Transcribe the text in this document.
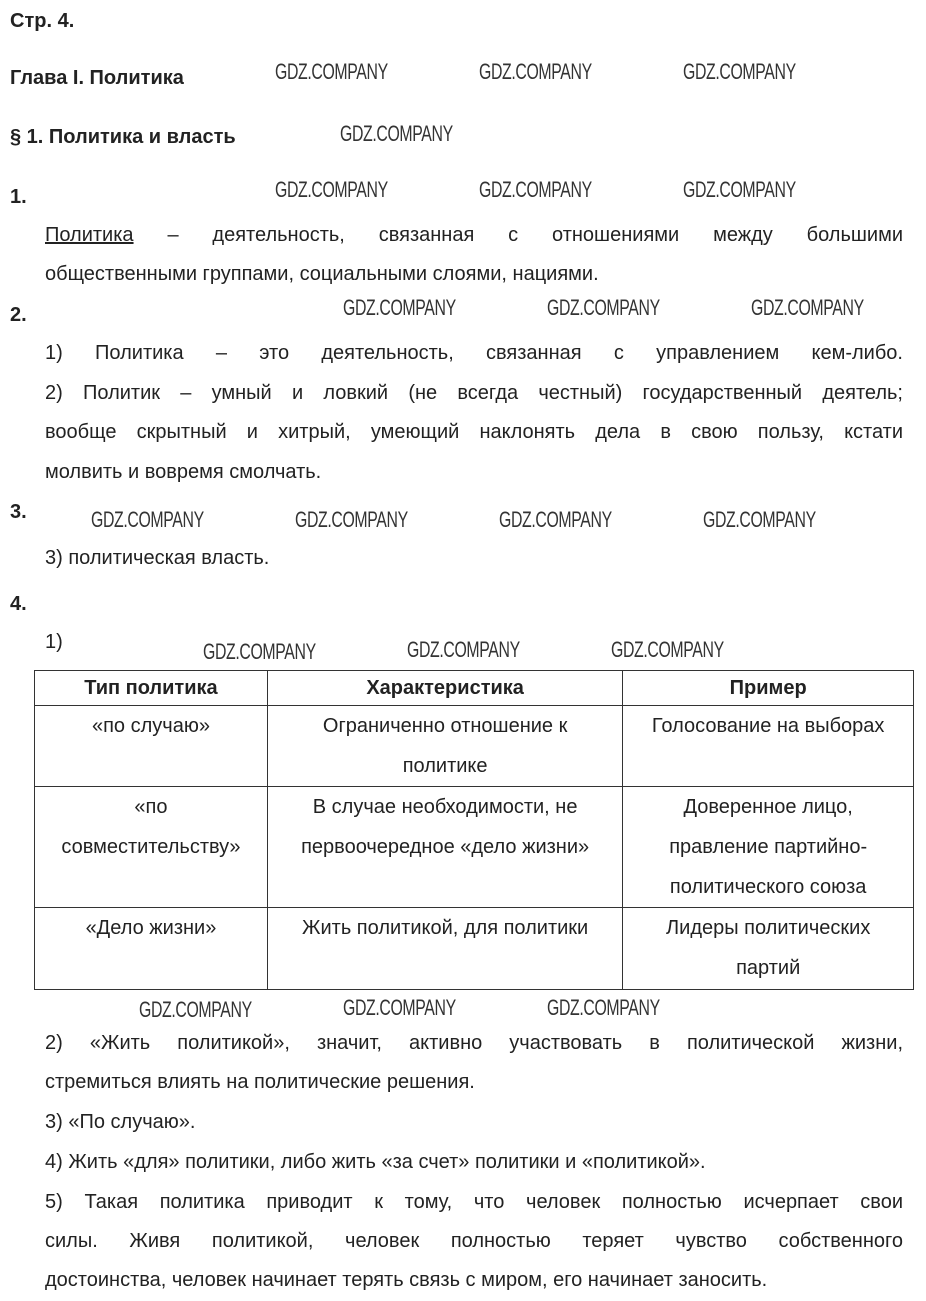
Стр. 4.
Глава I. Политика
§ 1. Политика и власть
1.
Политика – деятельность, связанная с отношениями между большими
общественными группами, социальными слоями, нациями.
2.
1) Политика – это деятельность, связанная с управлением кем-либо.
2) Политик – умный и ловкий (не всегда честный) государственный деятель;
вообще скрытный и хитрый, умеющий наклонять дела в свою пользу, кстати
молвить и вовремя смолчать.
3.
3) политическая власть.
4.
1)
Тип политика	Характеристика	Пример
«по случаю»	Ограниченно отношение к политике	Голосование на выборах
«по совместительству»	В случае необходимости, не первоочередное «дело жизни»	Доверенное лицо, правление партийно-политического союза
«Дело жизни»	Жить политикой, для политики	Лидеры политических партий
2) «Жить политикой», значит, активно участвовать в политической жизни,
стремиться влиять на политические решения.
3) «По случаю».
4) Жить «для» политики, либо жить «за счет» политики и «политикой».
5) Такая политика приводит к тому, что человек полностью исчерпает свои
силы. Живя политикой, человек полностью теряет чувство собственного
достоинства, человек начинает терять связь с миром, его начинает заносить.
GDZ.COMPANY	GDZ.COMPANY	GDZ.COMPANY
GDZ.COMPANY
GDZ.COMPANY	GDZ.COMPANY	GDZ.COMPANY
GDZ.COMPANY	GDZ.COMPANY	GDZ.COMPANY
GDZ.COMPANY	GDZ.COMPANY	GDZ.COMPANY	GDZ.COMPANY
GDZ.COMPANY	GDZ.COMPANY	GDZ.COMPANY
GDZ.COMPANY	GDZ.COMPANY	GDZ.COMPANY
